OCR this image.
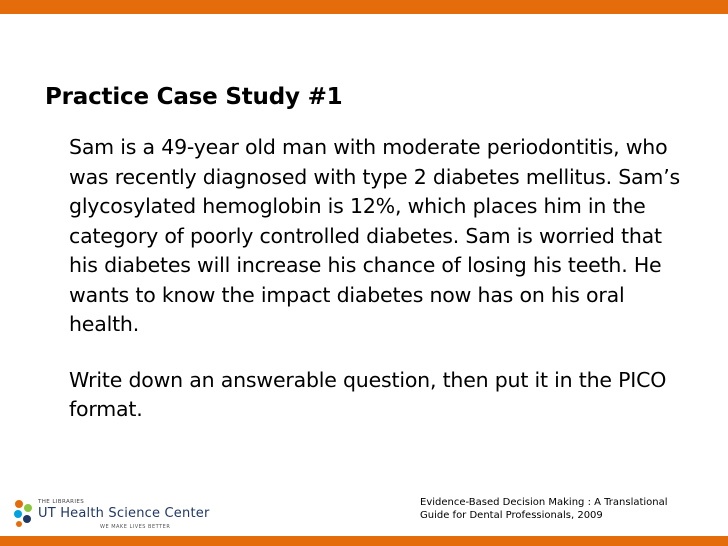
Practice Case Study #1

Sam is a 49-year old man with moderate periodontitis, who was recently diagnosed with type 2 diabetes mellitus. Sam’s glycosylated hemoglobin is 12%, which places him in the category of poorly controlled diabetes. Sam is worried that his diabetes will increase his chance of losing his teeth. He wants to know the impact diabetes now has on his oral health.

Write down an answerable question, then put it in the PICO format.

THE LIBRARIES
UT Health Science Center
WE MAKE LIVES BETTER
Evidence-Based Decision Making : A Translational
Guide for Dental Professionals, 2009
